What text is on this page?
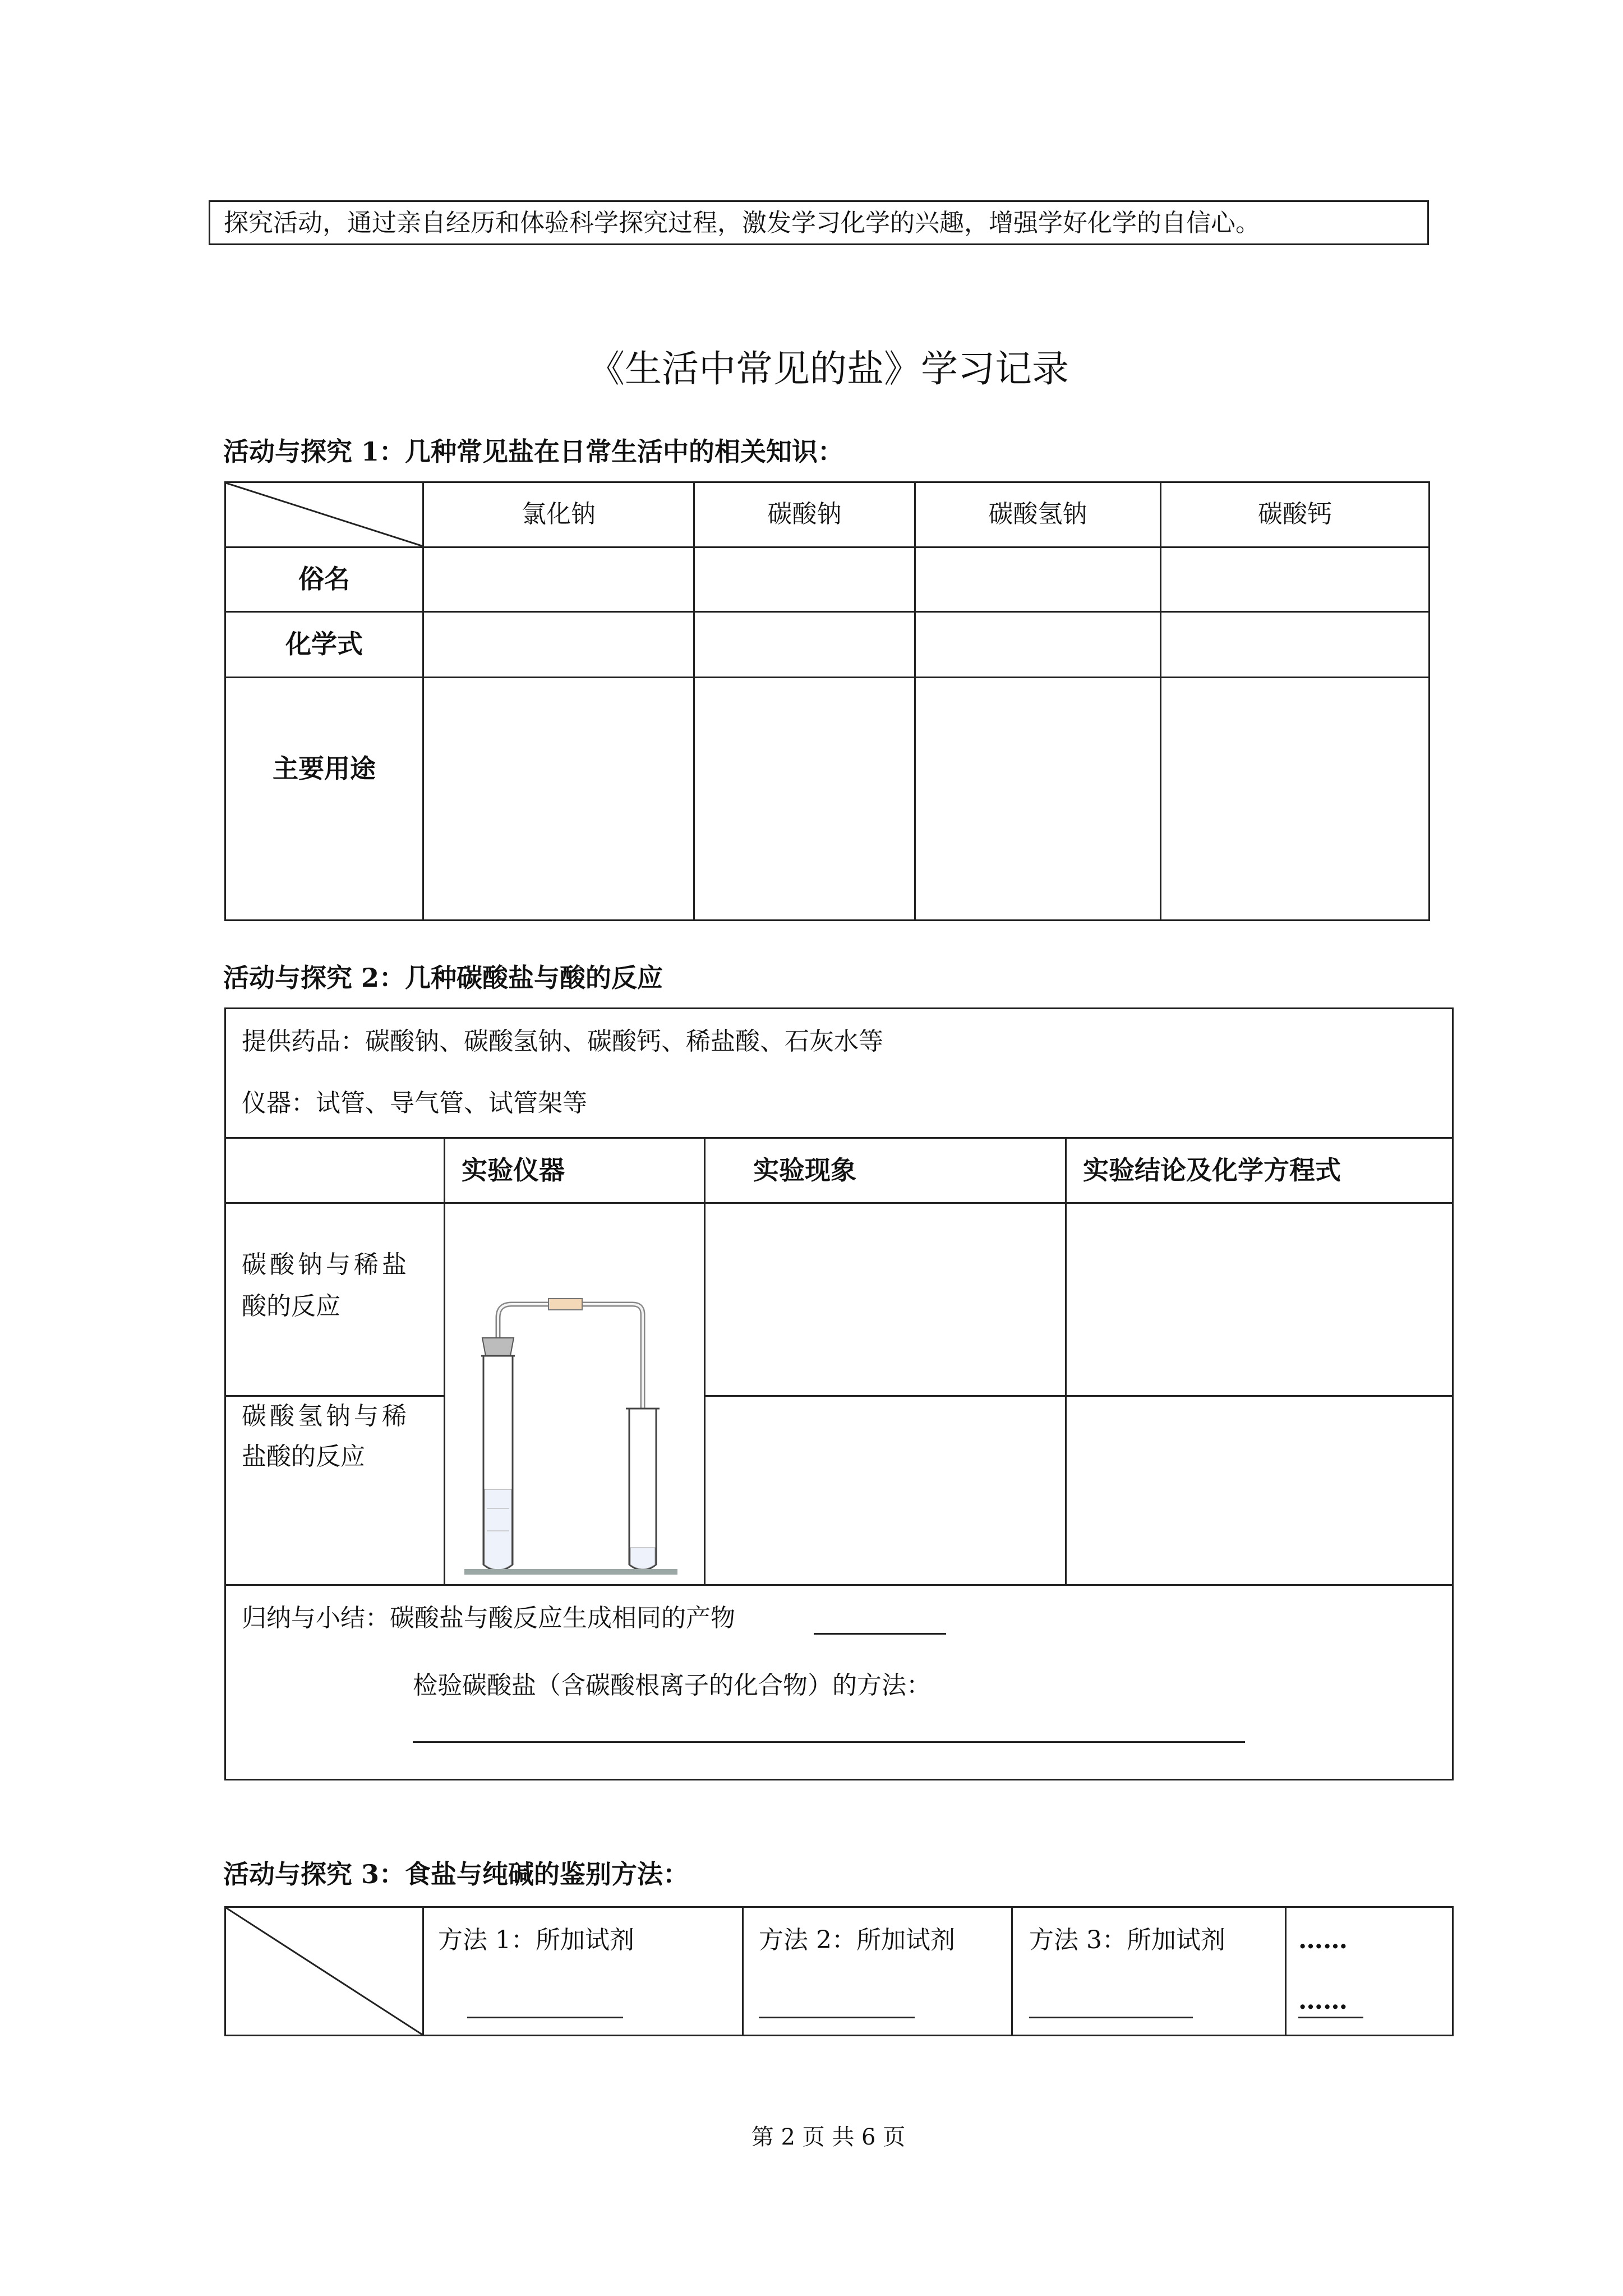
探究活动，通过亲自经历和体验科学探究过程，激发学习化学的兴趣，增强学好化学的自信心。
《生活中常见的盐》学习记录
活动与探究 1：几种常见盐在日常生活中的相关知识：
氯化钠	碳酸钠	碳酸氢钠	碳酸钙
俗名
化学式
主要用途
活动与探究 2：几种碳酸盐与酸的反应
提供药品：碳酸钠、碳酸氢钠、碳酸钙、稀盐酸、石灰水等
仪器：试管、导气管、试管架等
实验仪器	实验现象	实验结论及化学方程式
碳酸钠与稀盐
酸的反应
碳酸氢钠与稀
盐酸的反应
归纳与小结：碳酸盐与酸反应生成相同的产物
检验碳酸盐（含碳酸根离子的化合物）的方法：
活动与探究 3：食盐与纯碱的鉴别方法：
方法 1：所加试剂	方法 2：所加试剂	方法 3：所加试剂	……
……
第 2 页 共 6 页
